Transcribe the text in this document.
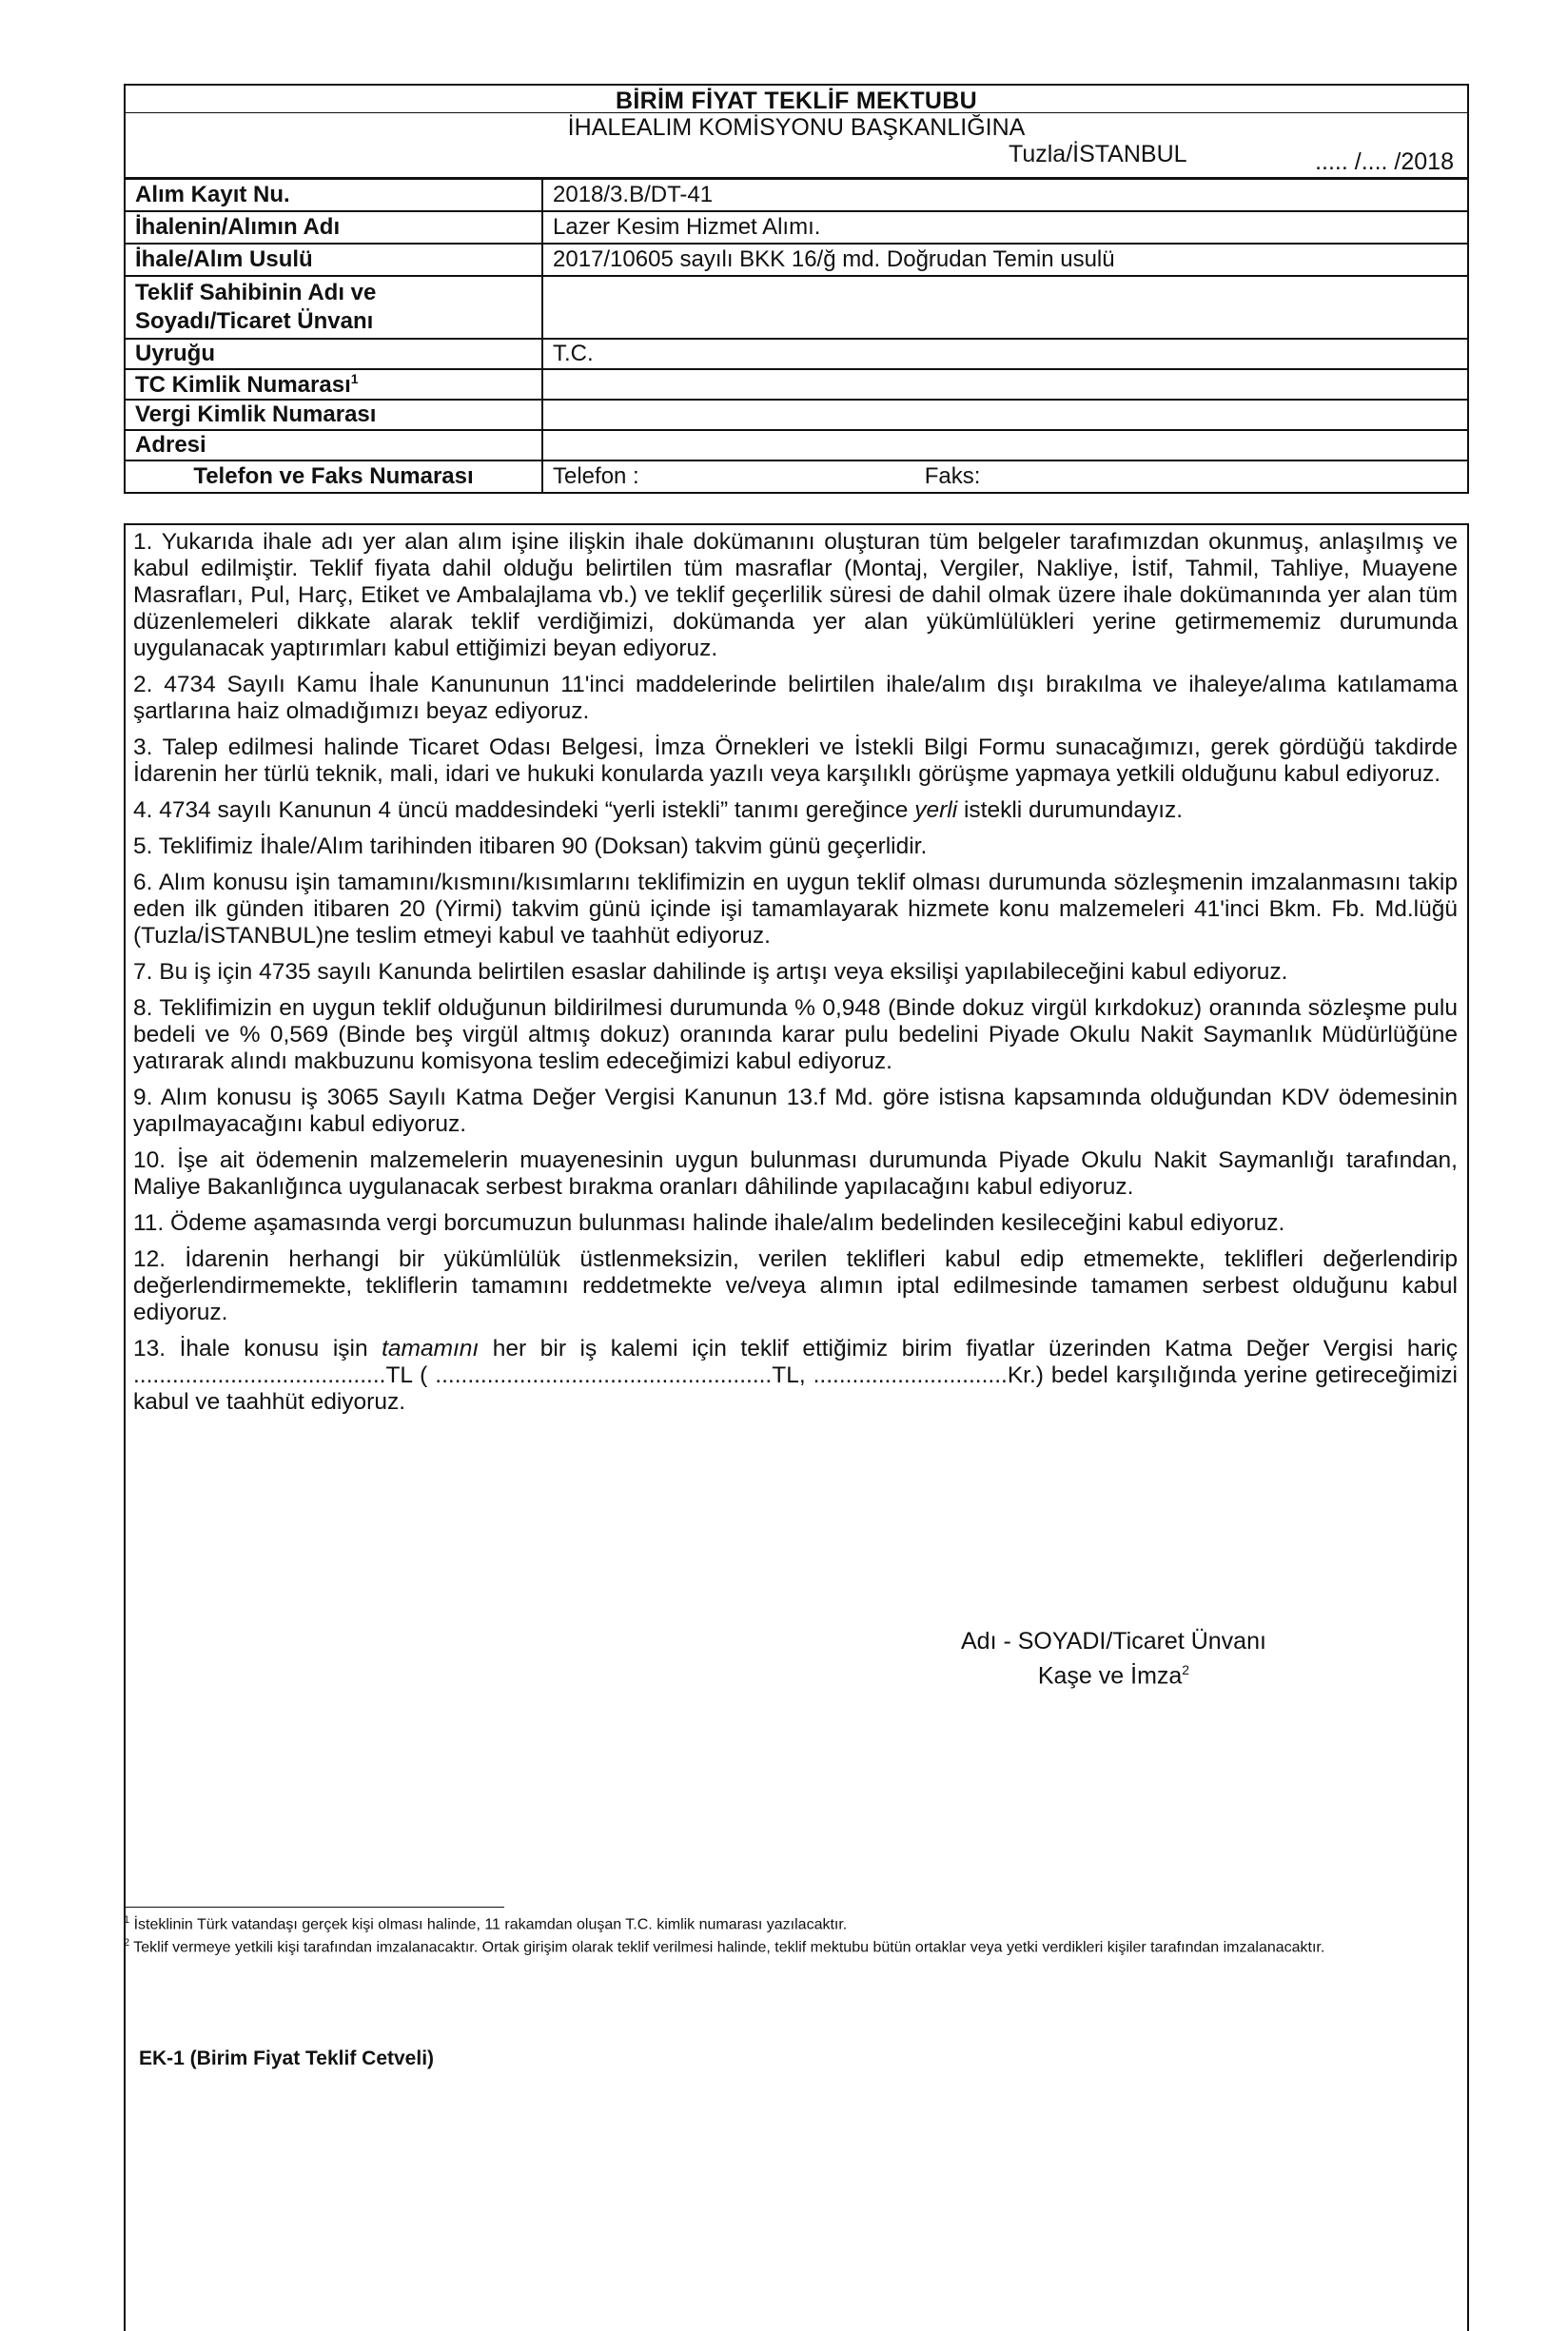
BİRİM FİYAT TEKLİF MEKTUBU
İHALEALIM KOMİSYONU BAŞKANLIĞINA
Tuzla/İSTANBUL	..... /.... /2018
Alım Kayıt Nu.	2018/3.B/DT-41
İhalenin/Alımın Adı	Lazer Kesim Hizmet Alımı.
İhale/Alım Usulü	2017/10605 sayılı BKK 16/ğ md. Doğrudan Temin usulü
Teklif Sahibinin Adı ve Soyadı/Ticaret Ünvanı	
Uyruğu	T.C.
TC Kimlik Numarası$^1$	
Vergi Kimlik Numarası	
Adresi	
Telefon ve Faks Numarası	Telefon : Faks:

1. Yukarıda ihale adı yer alan alım işine ilişkin ihale dokümanını oluşturan tüm belgeler tarafımızdan okunmuş, anlaşılmış ve kabul edilmiştir. Teklif fiyata dahil olduğu belirtilen tüm masraflar (Montaj, Vergiler, Nakliye, İstif, Tahmil, Tahliye, Muayene Masrafları, Pul, Harç, Etiket ve Ambalajlama vb.) ve teklif geçerlilik süresi de dahil olmak üzere ihale dokümanında yer alan tüm düzenlemeleri dikkate alarak teklif verdiğimizi, dokümanda yer alan yükümlülükleri yerine getirmememiz durumunda uygulanacak yaptırımları kabul ettiğimizi beyan ediyoruz.

2. 4734 Sayılı Kamu İhale Kanununun 11'inci maddelerinde belirtilen ihale/alım dışı bırakılma ve ihaleye/alıma katılamama şartlarına haiz olmadığımızı beyaz ediyoruz.

3. Talep edilmesi halinde Ticaret Odası Belgesi, İmza Örnekleri ve İstekli Bilgi Formu sunacağımızı, gerek gördüğü takdirde İdarenin her türlü teknik, mali, idari ve hukuki konularda yazılı veya karşılıklı görüşme yapmaya yetkili olduğunu kabul ediyoruz.

4. 4734 sayılı Kanunun 4 üncü maddesindeki “yerli istekli” tanımı gereğince yerli istekli durumundayız.

5. Teklifimiz İhale/Alım tarihinden itibaren 90 (Doksan) takvim günü geçerlidir.

6. Alım konusu işin tamamını/kısmını/kısımlarını teklifimizin en uygun teklif olması durumunda sözleşmenin imzalanmasını takip eden ilk günden itibaren 20 (Yirmi) takvim günü içinde işi tamamlayarak hizmete konu malzemeleri 41'inci Bkm. Fb. Md.lüğü (Tuzla/İSTANBUL)ne teslim etmeyi kabul ve taahhüt ediyoruz.

7. Bu iş için 4735 sayılı Kanunda belirtilen esaslar dahilinde iş artışı veya eksilişi yapılabileceğini kabul ediyoruz.

8. Teklifimizin en uygun teklif olduğunun bildirilmesi durumunda % 0,948 (Binde dokuz virgül kırkdokuz) oranında sözleşme pulu bedeli ve % 0,569 (Binde beş virgül altmış dokuz) oranında karar pulu bedelini Piyade Okulu Nakit Saymanlık Müdürlüğüne yatırarak alındı makbuzunu komisyona teslim edeceğimizi kabul ediyoruz.

9. Alım konusu iş 3065 Sayılı Katma Değer Vergisi Kanunun 13.f Md. göre istisna kapsamında olduğundan KDV ödemesinin yapılmayacağını kabul ediyoruz.

10. İşe ait ödemenin malzemelerin muayenesinin uygun bulunması durumunda Piyade Okulu Nakit Saymanlığı tarafından, Maliye Bakanlığınca uygulanacak serbest bırakma oranları dâhilinde yapılacağını kabul ediyoruz.

11. Ödeme aşamasında vergi borcumuzun bulunması halinde ihale/alım bedelinden kesileceğini kabul ediyoruz.

12. İdarenin herhangi bir yükümlülük üstlenmeksizin, verilen teklifleri kabul edip etmemekte, teklifleri değerlendirip değerlendirmemekte, tekliflerin tamamını reddetmekte ve/veya alımın iptal edilmesinde tamamen serbest olduğunu kabul ediyoruz.

13. İhale konusu işin tamamını her bir iş kalemi için teklif ettiğimiz birim fiyatlar üzerinden Katma Değer Vergisi hariç .......................................TL ( ....................................................TL, ..............................Kr.) bedel karşılığında yerine getireceğimizi kabul ve taahhüt ediyoruz.

Adı - SOYADI/Ticaret Ünvanı
Kaşe ve İmza$^2$
$^1$ İsteklinin Türk vatandaşı gerçek kişi olması halinde, 11 rakamdan oluşan T.C. kimlik numarası yazılacaktır.
$^2$ Teklif vermeye yetkili kişi tarafından imzalanacaktır. Ortak girişim olarak teklif verilmesi halinde, teklif mektubu bütün ortaklar veya yetki verdikleri kişiler tarafından imzalanacaktır.
EK-1 (Birim Fiyat Teklif Cetveli)
